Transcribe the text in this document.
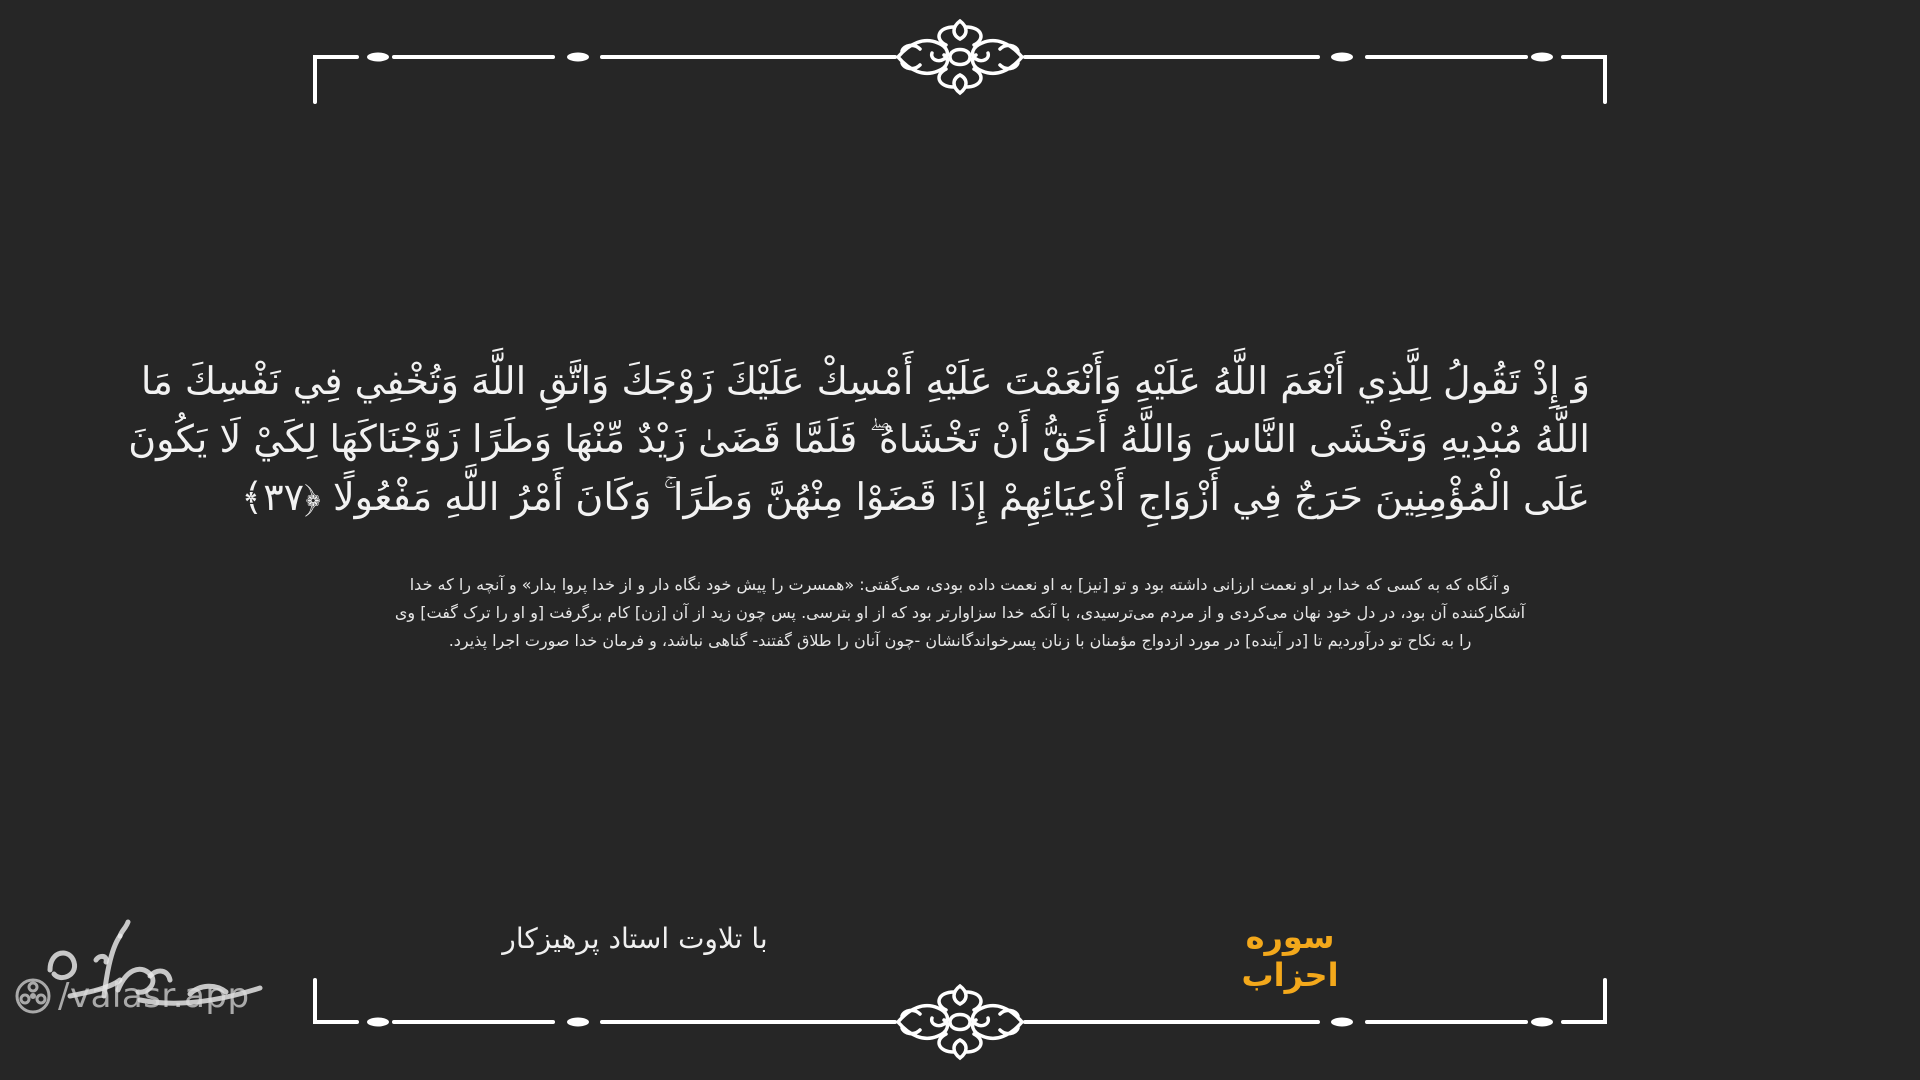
وَ إِذْ تَقُولُ لِلَّذِي أَنْعَمَ اللَّهُ عَلَيْهِ وَأَنْعَمْتَ عَلَيْهِ أَمْسِكْ عَلَيْكَ زَوْجَكَ وَاتَّقِ اللَّهَ وَتُخْفِي فِي نَفْسِكَ مَا
اللَّهُ مُبْدِيهِ وَتَخْشَى النَّاسَ وَاللَّهُ أَحَقُّ أَنْ تَخْشَاهُ ۖ فَلَمَّا قَضَىٰ زَيْدٌ مِّنْهَا وَطَرًا زَوَّجْنَاكَهَا لِكَيْ لَا يَكُونَ
عَلَى الْمُؤْمِنِينَ حَرَجٌ فِي أَزْوَاجِ أَدْعِيَائِهِمْ إِذَا قَضَوْا مِنْهُنَّ وَطَرًا ۚ وَكَانَ أَمْرُ اللَّهِ مَفْعُولًا ﴿۳۷﴾
و آنگاه که به کسی که خدا بر او نعمت ارزانی داشته بود و تو [نیز] به او نعمت داده بودی، می‌گفتی: «همسرت را پیش خود نگاه دار و از خدا پروا بدار» و آنچه را که خدا
آشکارکننده آن بود، در دل خود نهان می‌کردی و از مردم می‌ترسیدی، با آنکه خدا سزاوارتر بود که از او بترسی. پس چون زید از آن [زن] کام برگرفت [و او را ترک گفت] وی
را به نکاح تو درآوردیم تا [در آینده] در مورد ازدواج مؤمنان با زنان پسرخواندگانشان -چون آنان را طلاق گفتند- گناهی نباشد، و فرمان خدا صورت اجرا پذیرد.
سوره احزاب
با تلاوت استاد پرهیزکار
/valasr.app
